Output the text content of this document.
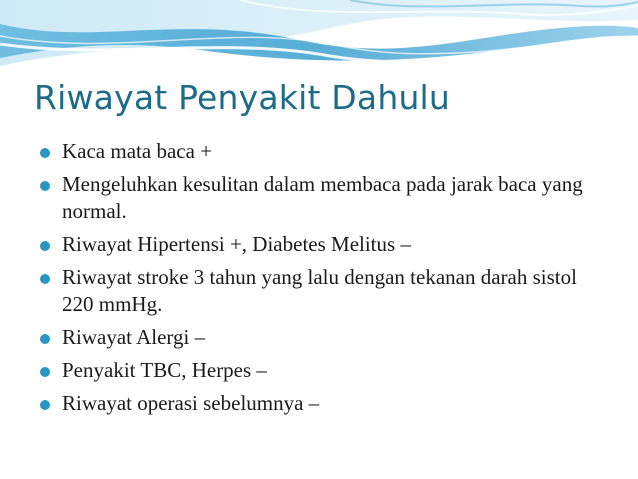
Riwayat Penyakit Dahulu
Kaca mata baca +
Mengeluhkan kesulitan dalam membaca pada jarak baca yang normal.
Riwayat Hipertensi +, Diabetes Melitus –
Riwayat stroke 3 tahun yang lalu dengan tekanan darah sistol 220 mmHg.
Riwayat Alergi –
Penyakit TBC, Herpes –
Riwayat operasi sebelumnya –
